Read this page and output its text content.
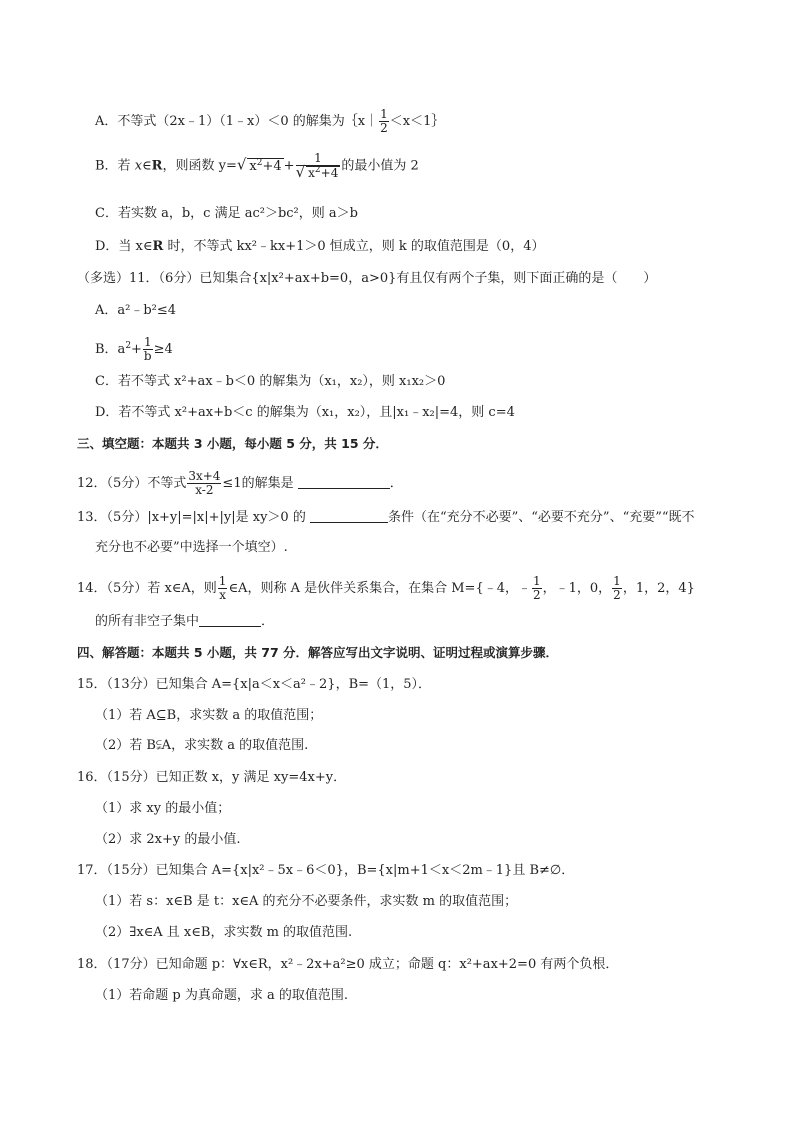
A．不等式（2x﹣1）（1﹣x）＜0 的解集为｛x｜ $\frac{1}{2}$ ＜x＜1｝
B．若 x∈R，则函数 y=√ $x^2+4 + \frac{1}{√ x^2+4}$ 的最小值为 2
C．若实数 a，b，c 满足 ac²＞bc²，则 a＞b
D．当 x∈R 时，不等式 kx²﹣kx+1＞0 恒成立，则 k 的取值范围是（0，4）
（多选）11．（6分）已知集合{x|x²+ax+b=0，a>0}有且仅有两个子集，则下面正确的是（　　）
A．a²﹣b²≤4
B．$a^2+ \frac{1}{b} \ge 4$
C．若不等式 x²+ax﹣b＜0 的解集为（x₁，x₂），则 x₁x₂＞0
D．若不等式 x²+ax+b＜c 的解集为（x₁，x₂），且|x₁﹣x₂|=4，则 c=4
三、填空题：本题共 3 小题，每小题 5 分，共 15 分．
12．（5分）不等式 $\frac{3x+4}{x-2} \le 1$的解集是	．
13．（5分）|x+y|=|x|+|y|是 xy＞0 的	条件（在“充分不必要”、“必要不充分”、“充要”“既不
充分也不必要”中选择一个填空）.
14．（5分）若 x∈A，则 $\frac{1}{x}$ ∈A，则称 A 是伙伴关系集合，在集合 M={﹣4，﹣ $\frac{1}{2}$ ，﹣1，0， $\frac{1}{2}$ ，1，2，4}
的所有非空子集中	．
四、解答题：本题共 5 小题，共 77 分．解答应写出文字说明、证明过程或演算步骤．
15．（13分）已知集合 A={x|a＜x＜a²﹣2}，B=（1，5）．
（1）若 A⊆B，求实数 a 的取值范围；
（2）若 B⫋A，求实数 a 的取值范围.
16．（15分）已知正数 x，y 满足 xy=4x+y．
（1）求 xy 的最小值；
（2）求 2x+y 的最小值.
17．（15分）已知集合 A={x|x²﹣5x﹣6＜0}，B={x|m+1＜x＜2m﹣1}且 B≠∅．
（1）若 s：x∈B 是 t：x∈A 的充分不必要条件，求实数 m 的取值范围；
（2）∃x∈A 且 x∈B，求实数 m 的取值范围.
18．（17分）已知命题 p：∀x∈R，x²﹣2x+a²≥0 成立；命题 q：x²+ax+2=0 有两个负根．
（1）若命题 p 为真命题，求 a 的取值范围.
